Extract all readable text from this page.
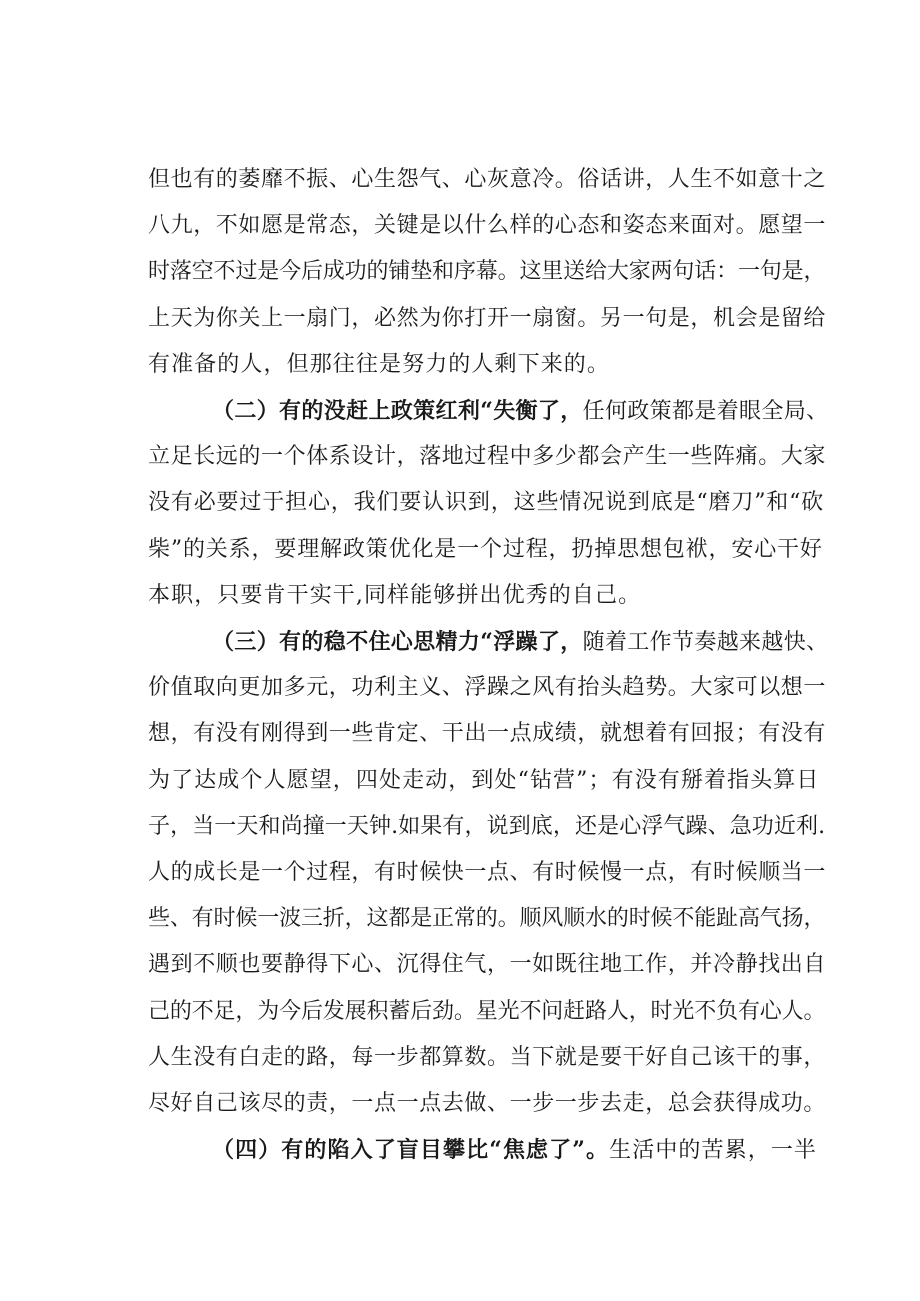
但也有的萎靡不振、心生怨气、心灰意冷。俗话讲，人生不如意十之
八九，不如愿是常态，关键是以什么样的心态和姿态来面对。愿望一
时落空不过是今后成功的铺垫和序幕。这里送给大家两句话：一句是，
上天为你关上一扇门，必然为你打开一扇窗。另一句是，机会是留给
有准备的人，但那往往是努力的人剩下来的。
（二）有的没赶上政策红利“失衡了，任何政策都是着眼全局、
立足长远的一个体系设计，落地过程中多少都会产生一些阵痛。大家
没有必要过于担心，我们要认识到，这些情况说到底是“磨刀”和“砍
柴”的关系，要理解政策优化是一个过程，扔掉思想包袱，安心干好
本职，只要肯干实干,同样能够拼出优秀的自己。
（三）有的稳不住心思精力“浮躁了，随着工作节奏越来越快、
价值取向更加多元，功利主义、浮躁之风有抬头趋势。大家可以想一
想，有没有刚得到一些肯定、干出一点成绩，就想着有回报；有没有
为了达成个人愿望，四处走动，到处“钻营”；有没有掰着指头算日
子，当一天和尚撞一天钟.如果有，说到底，还是心浮气躁、急功近利.
人的成长是一个过程，有时候快一点、有时候慢一点，有时候顺当一
些、有时候一波三折，这都是正常的。顺风顺水的时候不能趾高气扬，
遇到不顺也要静得下心、沉得住气，一如既往地工作，并冷静找出自
己的不足，为今后发展积蓄后劲。星光不问赶路人，时光不负有心人。
人生没有白走的路，每一步都算数。当下就是要干好自己该干的事，
尽好自己该尽的责，一点一点去做、一步一步去走，总会获得成功。
（四）有的陷入了盲目攀比“焦虑了”。生活中的苦累，一半
